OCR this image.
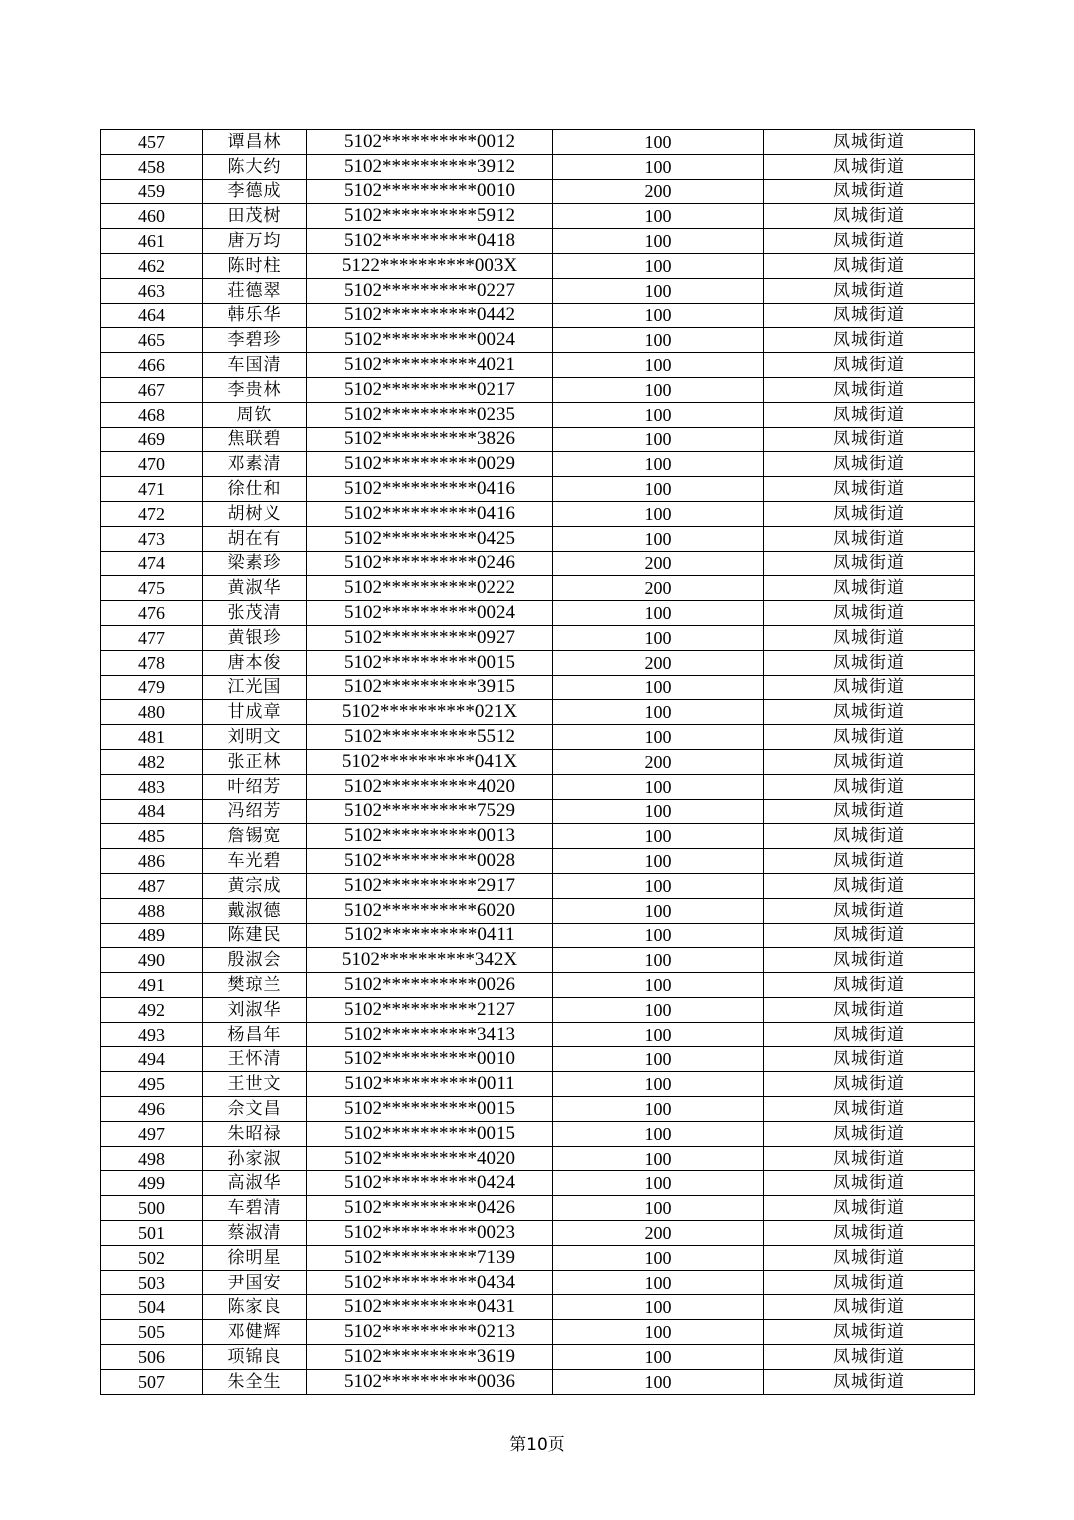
457	谭昌林	5102**********0012	100	凤城街道
458	陈大约	5102**********3912	100	凤城街道
459	李德成	5102**********0010	200	凤城街道
460	田茂树	5102**********5912	100	凤城街道
461	唐万均	5102**********0418	100	凤城街道
462	陈时柱	5122**********003X	100	凤城街道
463	荘德翠	5102**********0227	100	凤城街道
464	韩乐华	5102**********0442	100	凤城街道
465	李碧珍	5102**********0024	100	凤城街道
466	车国清	5102**********4021	100	凤城街道
467	李贵林	5102**********0217	100	凤城街道
468	周钦	5102**********0235	100	凤城街道
469	焦联碧	5102**********3826	100	凤城街道
470	邓素清	5102**********0029	100	凤城街道
471	徐仕和	5102**********0416	100	凤城街道
472	胡树义	5102**********0416	100	凤城街道
473	胡在有	5102**********0425	100	凤城街道
474	梁素珍	5102**********0246	200	凤城街道
475	黄淑华	5102**********0222	200	凤城街道
476	张茂清	5102**********0024	100	凤城街道
477	黄银珍	5102**********0927	100	凤城街道
478	唐本俊	5102**********0015	200	凤城街道
479	江光国	5102**********3915	100	凤城街道
480	甘成章	5102**********021X	100	凤城街道
481	刘明文	5102**********5512	100	凤城街道
482	张正林	5102**********041X	200	凤城街道
483	叶绍芳	5102**********4020	100	凤城街道
484	冯绍芳	5102**********7529	100	凤城街道
485	詹锡宽	5102**********0013	100	凤城街道
486	车光碧	5102**********0028	100	凤城街道
487	黄宗成	5102**********2917	100	凤城街道
488	戴淑德	5102**********6020	100	凤城街道
489	陈建民	5102**********0411	100	凤城街道
490	殷淑会	5102**********342X	100	凤城街道
491	樊琼兰	5102**********0026	100	凤城街道
492	刘淑华	5102**********2127	100	凤城街道
493	杨昌年	5102**********3413	100	凤城街道
494	王怀清	5102**********0010	100	凤城街道
495	王世文	5102**********0011	100	凤城街道
496	佘文昌	5102**********0015	100	凤城街道
497	朱昭禄	5102**********0015	100	凤城街道
498	孙家淑	5102**********4020	100	凤城街道
499	高淑华	5102**********0424	100	凤城街道
500	车碧清	5102**********0426	100	凤城街道
501	蔡淑清	5102**********0023	200	凤城街道
502	徐明星	5102**********7139	100	凤城街道
503	尹国安	5102**********0434	100	凤城街道
504	陈家良	5102**********0431	100	凤城街道
505	邓健辉	5102**********0213	100	凤城街道
506	项锦良	5102**********3619	100	凤城街道
507	朱全生	5102**********0036	100	凤城街道
第10页
